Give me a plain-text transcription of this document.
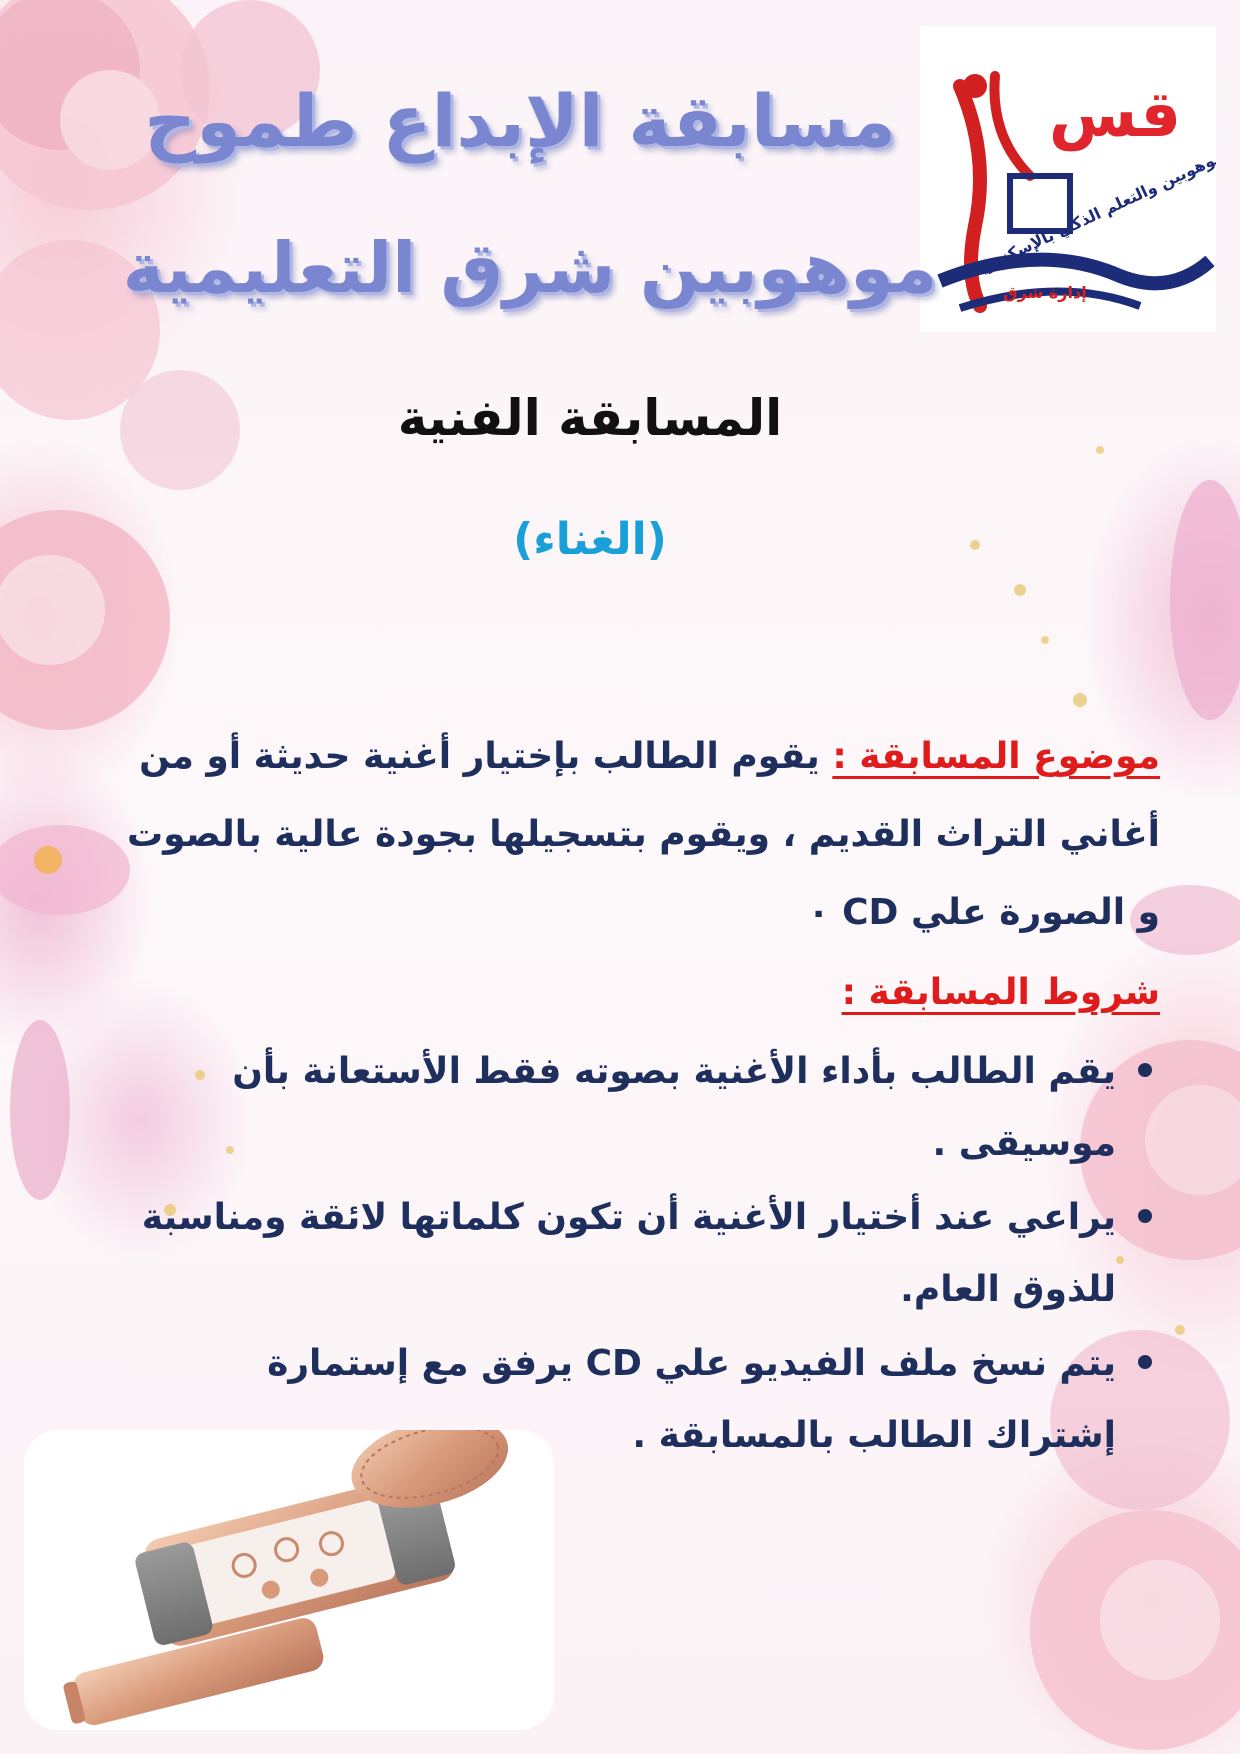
قس
الموهوبين والتعلم الذكي بالإسكندرية
إدارة شرق
مسابقة الإبداع طموح
موهوبين شرق التعليمية
المسابقة الفنية
(الغناء)

موضوع المسابقة : يقوم الطالب بإختيار أغنية حديثة أو من أغاني التراث القديم ، ويقوم بتسجيلها بجودة عالية بالصوت و الصورة علي CD ٠

شروط المسابقة :
يقم الطالب بأداء الأغنية بصوته فقط الأستعانة بأن موسيقى .
يراعي عند أختيار الأغنية أن تكون كلماتها لائقة ومناسبة للذوق العام.
يتم نسخ ملف الفيديو علي CD يرفق مع إستمارة إشتراك الطالب بالمسابقة .
